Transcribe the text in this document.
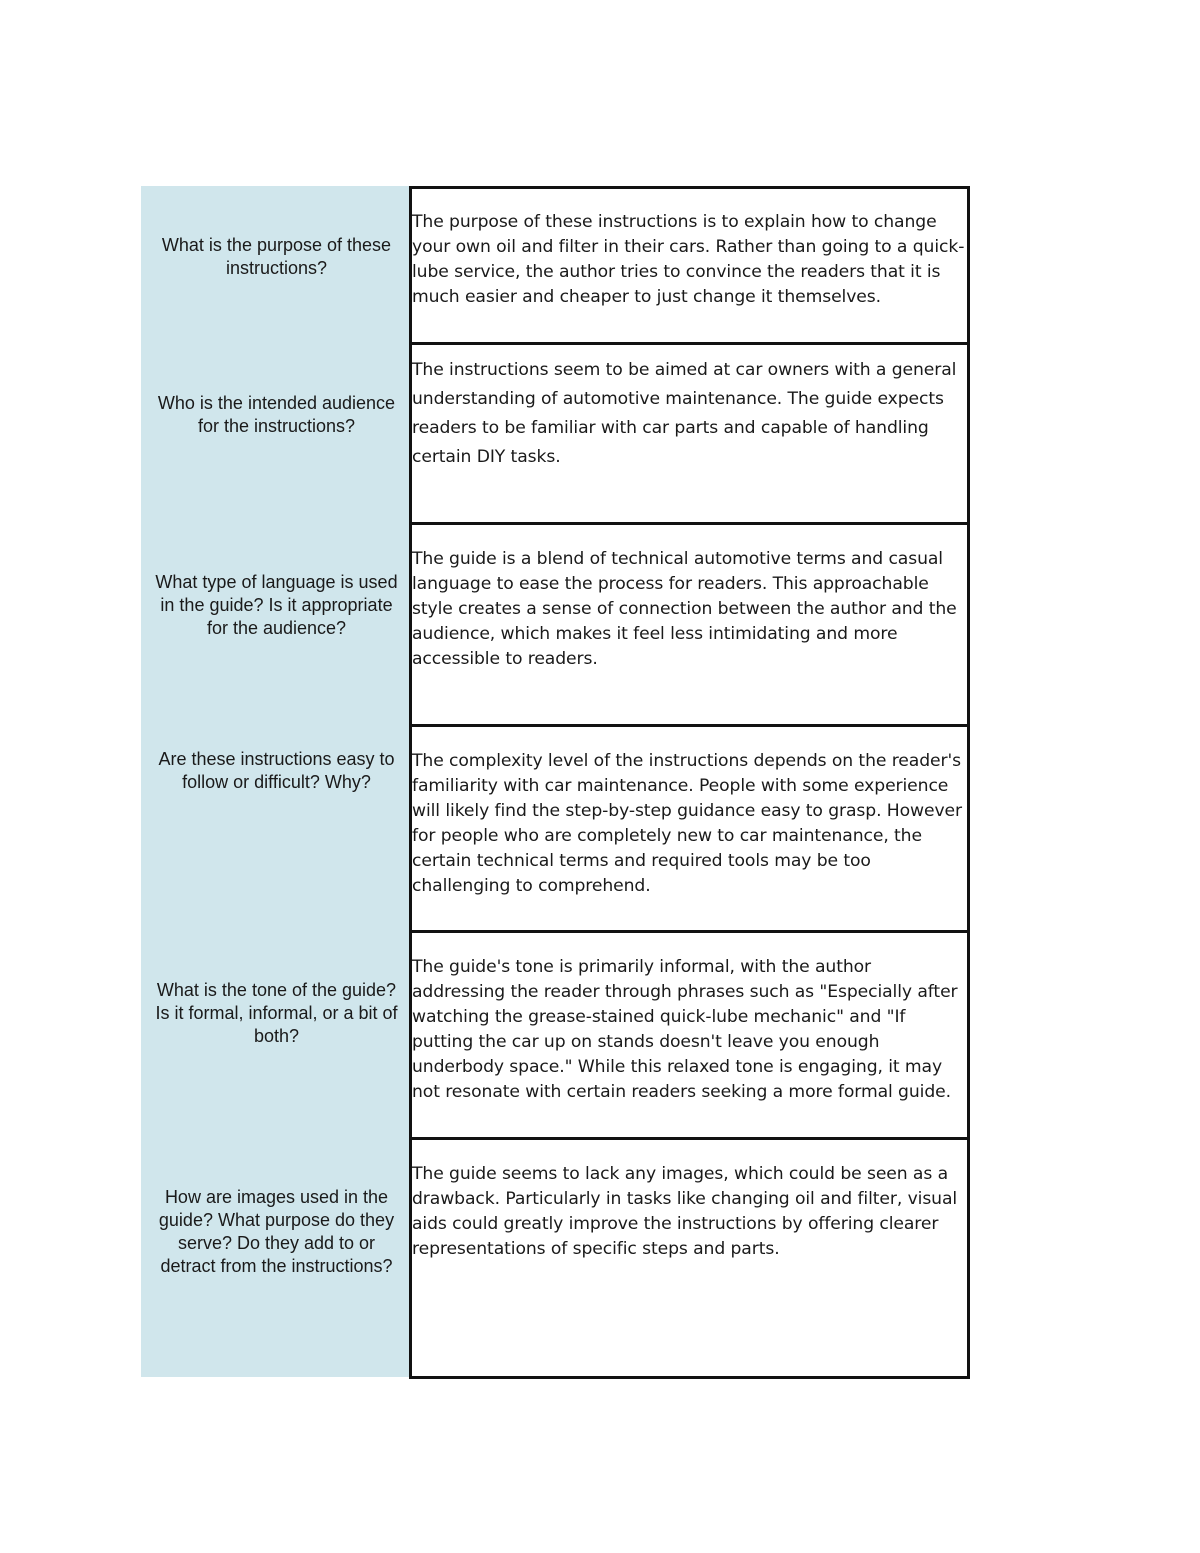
What is the purpose of these instructions?
Who is the intended audience for the instructions?
What type of language is used in the guide? Is it appropriate for the audience?
Are these instructions easy to follow or difficult? Why?
What is the tone of the guide? Is it formal, informal, or a bit of both?
How are images used in the guide? What purpose do they serve? Do they add to or detract from the instructions?
The purpose of these instructions is to explain how to change your own oil and filter in their cars. Rather than going to a quick-lube service, the author tries to convince the readers that it is much easier and cheaper to just change it themselves.
The instructions seem to be aimed at car owners with a general understanding of automotive maintenance. The guide expects readers to be familiar with car parts and capable of handling certain DIY tasks.
The guide is a blend of technical automotive terms and casual language to ease the process for readers. This approachable style creates a sense of connection between the author and the audience, which makes it feel less intimidating and more accessible to readers.
The complexity level of the instructions depends on the reader's familiarity with car maintenance. People with some experience will likely find the step-by-step guidance easy to grasp. However for people who are completely new to car maintenance, the certain technical terms and required tools may be too challenging to comprehend.
The guide's tone is primarily informal, with the author addressing the reader through phrases such as "Especially after watching the grease-stained quick-lube mechanic" and "If putting the car up on stands doesn't leave you enough underbody space." While this relaxed tone is engaging, it may not resonate with certain readers seeking a more formal guide.
The guide seems to lack any images, which could be seen as a drawback. Particularly in tasks like changing oil and filter, visual aids could greatly improve the instructions by offering clearer representations of specific steps and parts.
